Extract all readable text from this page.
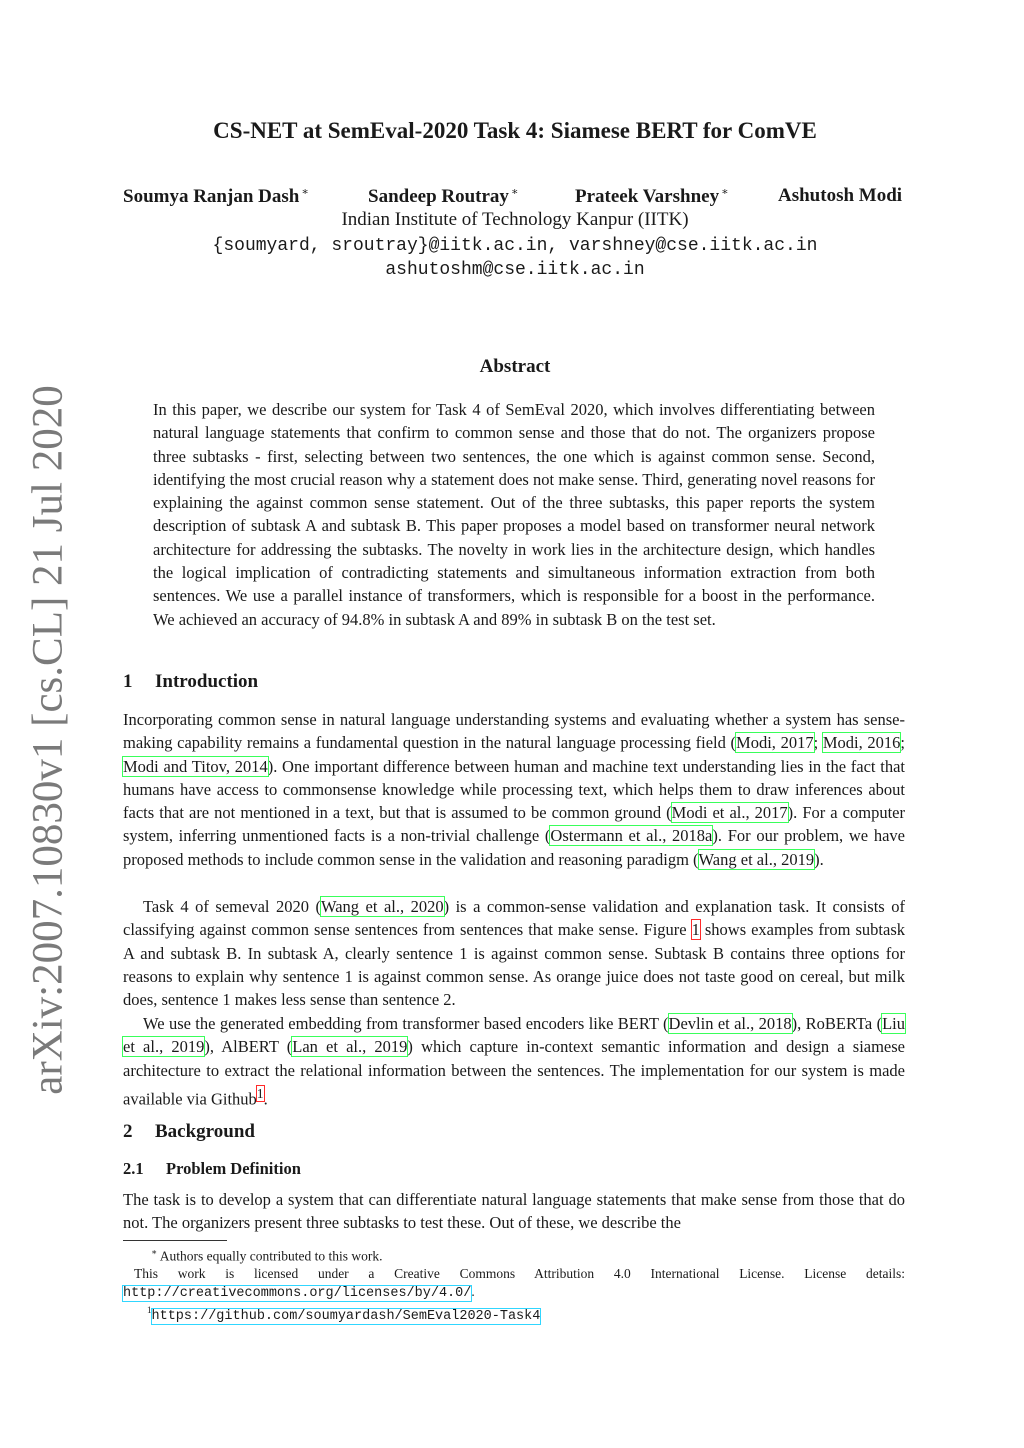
arXiv:2007.10830v1 [cs.CL] 21 Jul 2020
CS-NET at SemEval-2020 Task 4: Siamese BERT for ComVE
Soumya Ranjan Dash ∗	Sandeep Routray ∗	Prateek Varshney ∗	Ashutosh Modi
Indian Institute of Technology Kanpur (IITK)
{soumyard, sroutray}@iitk.ac.in, varshney@cse.iitk.ac.in
ashutoshm@cse.iitk.ac.in
Abstract

In this paper, we describe our system for Task 4 of SemEval 2020, which involves differentiating between natural language statements that confirm to common sense and those that do not. The organizers propose three subtasks - first, selecting between two sentences, the one which is against common sense. Second, identifying the most crucial reason why a statement does not make sense. Third, generating novel reasons for explaining the against common sense statement. Out of the three subtasks, this paper reports the system description of subtask A and subtask B. This paper proposes a model based on transformer neural network architecture for addressing the subtasks. The novelty in work lies in the architecture design, which handles the logical implication of contradicting statements and simultaneous information extraction from both sentences. We use a parallel instance of transformers, which is responsible for a boost in the performance. We achieved an accuracy of 94.8% in subtask A and 89% in subtask B on the test set.

1 Introduction

Incorporating common sense in natural language understanding systems and evaluating whether a system has sense-making capability remains a fundamental question in the natural language processing field (Modi, 2017; Modi, 2016; Modi and Titov, 2014). One important difference between human and machine text understanding lies in the fact that humans have access to commonsense knowledge while processing text, which helps them to draw inferences about facts that are not mentioned in a text, but that is assumed to be common ground (Modi et al., 2017). For a computer system, inferring unmentioned facts is a non-trivial challenge (Ostermann et al., 2018a). For our problem, we have proposed methods to include common sense in the validation and reasoning paradigm (Wang et al., 2019).

Task 4 of semeval 2020 (Wang et al., 2020) is a common-sense validation and explanation task. It consists of classifying against common sense sentences from sentences that make sense. Figure 1 shows examples from subtask A and subtask B. In subtask A, clearly sentence 1 is against common sense. Subtask B contains three options for reasons to explain why sentence 1 is against common sense. As orange juice does not taste good on cereal, but milk does, sentence 1 makes less sense than sentence 2.

We use the generated embedding from transformer based encoders like BERT (Devlin et al., 2018), RoBERTa (Liu et al., 2019), AlBERT (Lan et al., 2019) which capture in-context semantic information and design a siamese architecture to extract the relational information between the sentences. The implementation for our system is made available via Github$^1$.

2 Background
2.1 Problem Definition

The task is to develop a system that can differentiate natural language statements that make sense from those that do not. The organizers present three subtasks to test these. Out of these, we describe the

∗ Authors equally contributed to this work.
This work is licensed under a Creative Commons Attribution 4.0 International License. License details: http://creativecommons.org/licenses/by/4.0/.
$^1$https://github.com/soumyardash/SemEval2020-Task4
